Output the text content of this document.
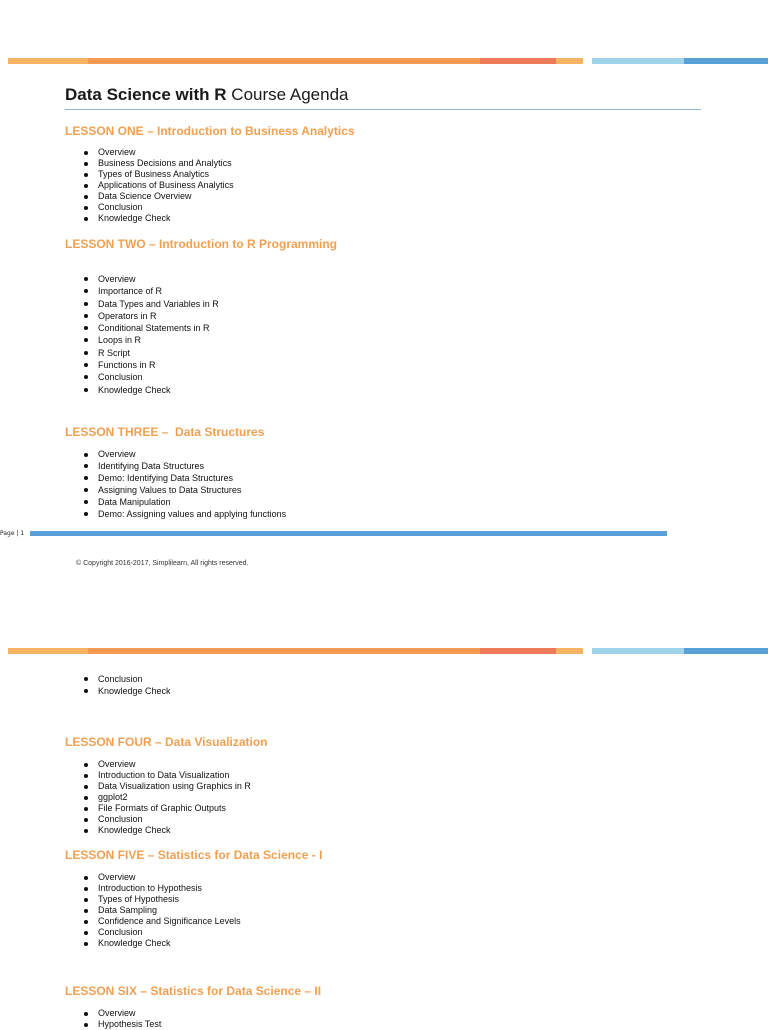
Data Science with R Course Agenda
LESSON ONE – Introduction to Business Analytics
Overview
Business Decisions and Analytics
Types of Business Analytics
Applications of Business Analytics
Data Science Overview
Conclusion
Knowledge Check
LESSON TWO – Introduction to R Programming
Overview
Importance of R
Data Types and Variables in R
Operators in R
Conditional Statements in R
Loops in R
R Script
Functions in R
Conclusion
Knowledge Check
LESSON THREE –  Data Structures
Overview
Identifying Data Structures
Demo: Identifying Data Structures
Assigning Values to Data Structures
Data Manipulation
Demo: Assigning values and applying functions
Page | 1
© Copyright 2016-2017, Simplilearn, All rights reserved.
Conclusion
Knowledge Check
LESSON FOUR – Data Visualization
Overview
Introduction to Data Visualization
Data Visualization using Graphics in R
ggplot2
File Formats of Graphic Outputs
Conclusion
Knowledge Check
LESSON FIVE – Statistics for Data Science - I
Overview
Introduction to Hypothesis
Types of Hypothesis
Data Sampling
Confidence and Significance Levels
Conclusion
Knowledge Check
LESSON SIX – Statistics for Data Science – II
Overview
Hypothesis Test
